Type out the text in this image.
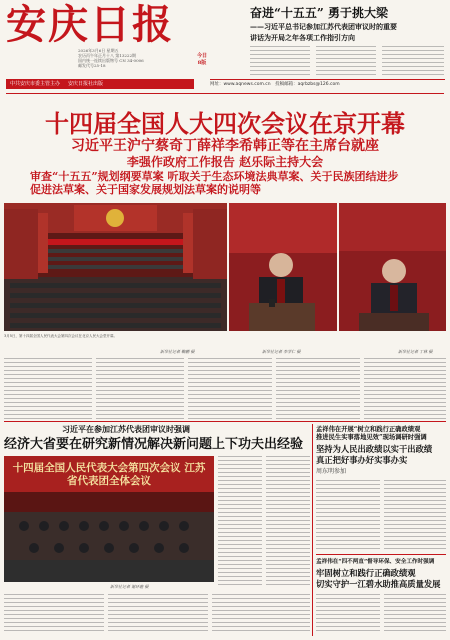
安庆日报
2026年3月6日 星期五
农历丙午年正月十八 第13222期
国内统一连续出版物号 CN 34-0006
邮发代号25-18
今日
8版
中共安庆市委主管主办	安庆日报社出版	网址：www.aqnews.com.cn　投稿邮箱：aqrbzbs@126.com
奋进“十五五” 勇于挑大梁
——习近平总书记参加江苏代表团审议时的重要
讲话为开局之年各项工作指引方向
十四届全国人大四次会议在京开幕
习近平王沪宁蔡奇丁薛祥李希韩正等在主席台就座
李强作政府工作报告 赵乐际主持大会
审查“十五五”规划纲要草案 听取关于生态环境法典草案、关于民族团结进步
促进法草案、关于国家发展规划法草案的说明等
3月5日，第十四届全国人民代表大会第四次会议在北京人民大会堂开幕。
新华社记者 鞠鹏 摄	新华社记者 李学仁 摄	新华社记者 丁林 摄
习近平在参加江苏代表团审议时强调
经济大省要在研究新情况解决新问题上下功夫出经验
十四届全国人民代表大会第四次会议 江苏省代表团全体会议
新华社记者 谢环驰 摄
孟祥伟在开展“树立和践行正确政绩观
推进民生实事落地见效”现场调研时强调
坚持为人民出政绩以实干出政绩
真正把好事办好实事办实
周东明参加
孟祥伟在“四不两直”督导环保、安全工作时强调
牢固树立和践行正确政绩观
切实守护一江碧水助推高质量发展
